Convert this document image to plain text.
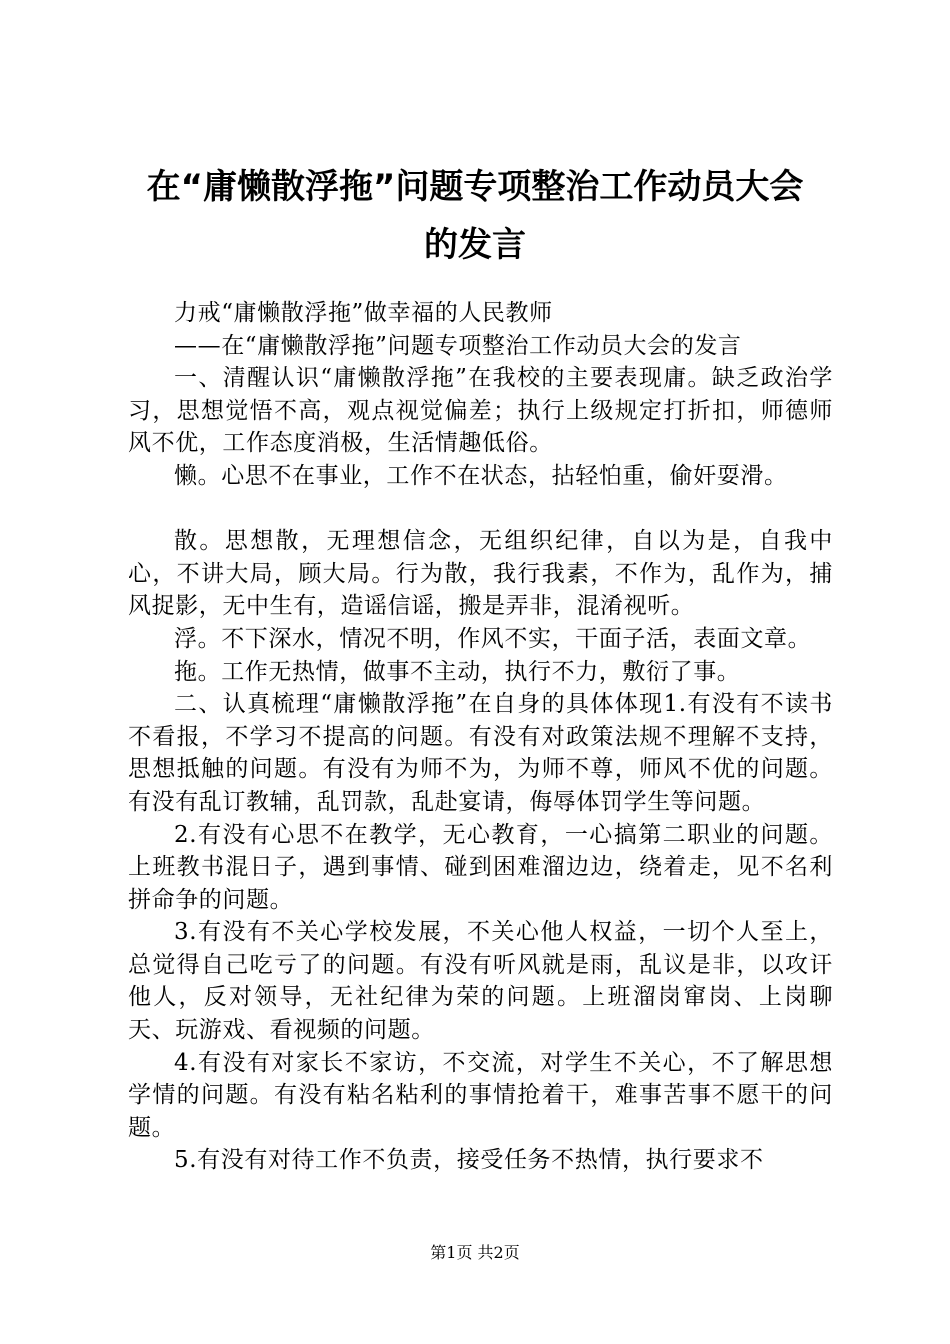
在“庸懒散浮拖”问题专项整治工作动员大会
的发言

力戒“庸懒散浮拖”做幸福的人民教师

——在“庸懒散浮拖”问题专项整治工作动员大会的发言

一、清醒认识“庸懒散浮拖”在我校的主要表现庸。缺乏政治学习，思想觉悟不高，观点视觉偏差；执行上级规定打折扣，师德师风不优，工作态度消极，生活情趣低俗。

懒。心思不在事业，工作不在状态，拈轻怕重，偷奸耍滑。

散。思想散，无理想信念，无组织纪律，自以为是，自我中心，不讲大局，顾大局。行为散，我行我素，不作为，乱作为，捕风捉影，无中生有，造谣信谣，搬是弄非，混淆视听。

浮。不下深水，情况不明，作风不实，干面子活，表面文章。

拖。工作无热情，做事不主动，执行不力，敷衍了事。

二、认真梳理“庸懒散浮拖”在自身的具体体现1.有没有不读书不看报，不学习不提高的问题。有没有对政策法规不理解不支持，思想抵触的问题。有没有为师不为，为师不尊，师风不优的问题。有没有乱订教辅，乱罚款，乱赴宴请，侮辱体罚学生等问题。

2.有没有心思不在教学，无心教育，一心搞第二职业的问题。上班教书混日子，遇到事情、碰到困难溜边边，绕着走，见不名利拼命争的问题。

3.有没有不关心学校发展，不关心他人权益，一切个人至上，总觉得自己吃亏了的问题。有没有听风就是雨，乱议是非，以攻讦他人，反对领导，无社纪律为荣的问题。上班溜岗窜岗、上岗聊天、玩游戏、看视频的问题。

4.有没有对家长不家访，不交流，对学生不关心，不了解思想学情的问题。有没有粘名粘利的事情抢着干，难事苦事不愿干的问题。

5.有没有对待工作不负责，接受任务不热情，执行要求不

第1页 共2页
